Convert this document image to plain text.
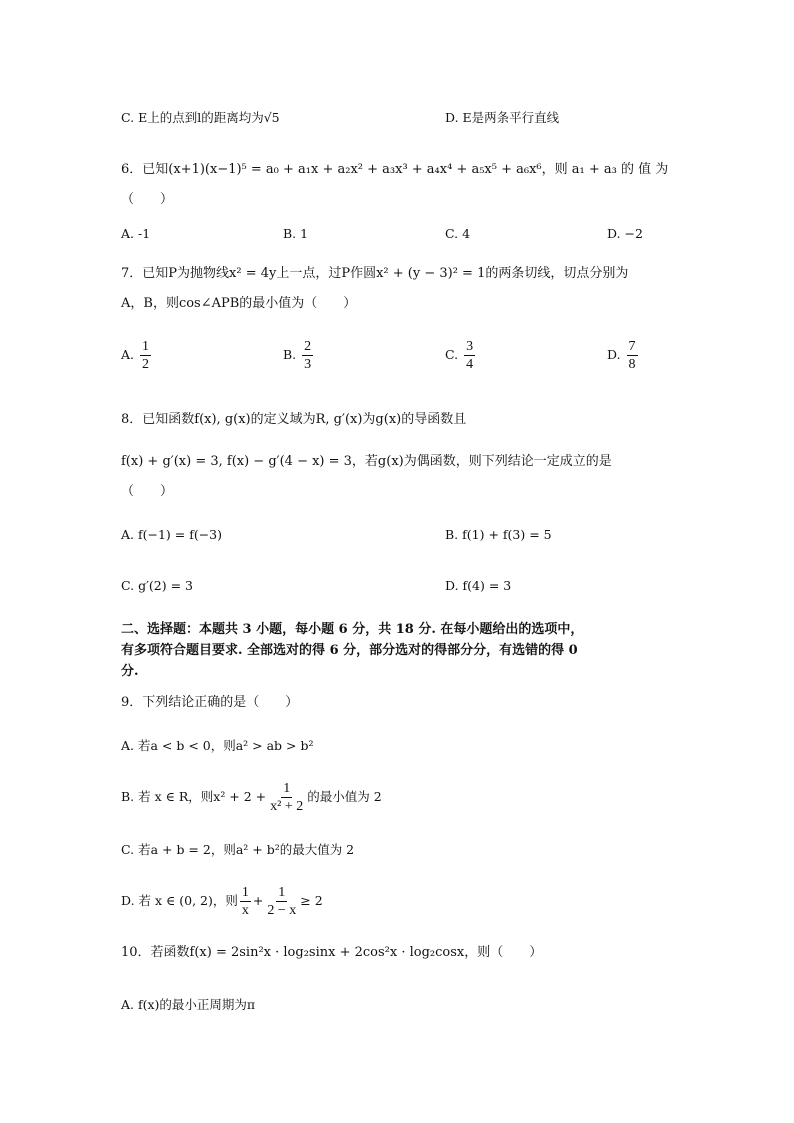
C. E上的点到l的距离均为√5	D. E是两条平行直线
6．已知(x+1)(x−1)⁵ = a₀ + a₁x + a₂x² + a₃x³ + a₄x⁴ + a₅x⁵ + a₆x⁶，则 a₁ + a₃ 的 值 为
（　　）
A. -1	B. 1	C. 4	D. −2
7．已知P为抛物线x² = 4y上一点，过P作圆x² + (y − 3)² = 1的两条切线，切点分别为
A，B，则cos∠APB的最小值为（　　）
A. $\frac{1}{2}$	B. $\frac{2}{3}$	C. $\frac{3}{4}$	D. $\frac{7}{8}$
8．已知函数f(x), g(x)的定义域为R, g′(x)为g(x)的导函数且
f(x) + g′(x) = 3, f(x) − g′(4 − x) = 3，若g(x)为偶函数，则下列结论一定成立的是
（　　）
A. f(−1) = f(−3)	B. f(1) + f(3) = 5
C. g′(2) = 3	D. f(4) = 3
二、选择题：本题共 3 小题，每小题 6 分，共 18 分. 在每小题给出的选项中，
有多项符合题目要求. 全部选对的得 6 分，部分选对的得部分分，有选错的得 0
分.
9．下列结论正确的是（　　）
A. 若a < b < 0，则a² > ab > b²
B. 若 x ∈ R，则$x^2 + 2 + \frac{1}{\text{x² + 2}}$ 的最小值为 2
C. 若a + b = 2，则a² + b²的最大值为 2
D. 若 x ∈ (0, 2)，则 $\frac{1}{x} + \frac{1}{2 - x} \ge 2$
10．若函数f(x) = 2sin²x · log₂sinx + 2cos²x · log₂cosx，则（　　）
A. f(x)的最小正周期为π
